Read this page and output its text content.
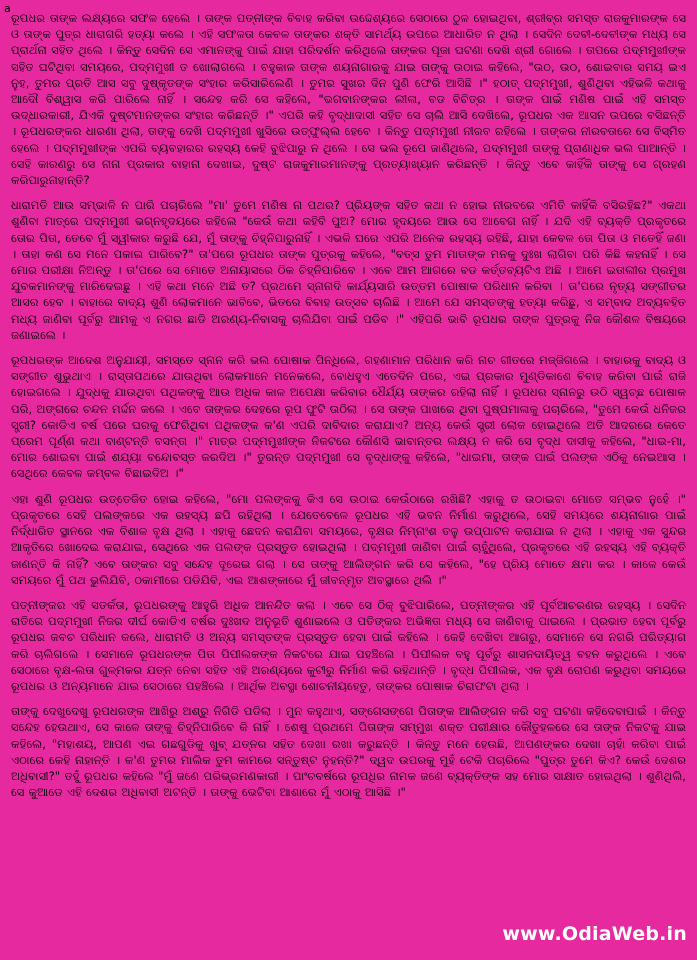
a

ରୂପଧର ତାଙ୍କ ଲକ୍ଷ୍ୟରେ ସଫଳ ହେଲେ । ତାଙ୍କ ପତ୍ନୀଙ୍କ ବିବାହ କରିବା ଉଦ୍ଦେଶ୍ୟରେ ସେଠାରେ ଠୁଳ ହୋଇଥିବା, ଶ୍ରୀବ୍ର ସମସ୍ତ ରାଜକୁମାରଙ୍କ ସେ ଓ ତାଙ୍କ ପୁତ୍ର ଧାରାଗରି ହତ୍ୟା କଲେ । ଏହି ସଫଳତା କେବଳ ତାଙ୍କର ଶକ୍ତି ସାମର୍ଥ୍ୟ ଉପରେ ଆଧାରିତ ନ ଥିଲା । ସେଦିନ ଦେବୀ-ଦେବୀଙ୍କ ମଧ୍ୟ ସେ ପ୍ରାର୍ଥନା ସହିତ ଥିଲେ । କିନ୍ତୁ ସେଦିନ ସେ ଏମାନଙ୍କୁ ପାଇଁ ଯାହା ପରିଦର୍ଶନ କରିଥିଲେ ତାଙ୍କର ପୂଜା ଘଟଣା ଦେଖି ଶ୍ରୀ ଗୋଲେ । ତାପରେ ପଦ୍ମମୁଖୀଙ୍କ ସହିତ ଘଟିଥିବା ସମୟରେ, ପଦ୍ମମୁଖୀ ତ ଖୋଲାଗଲେ । ବହୁକାଳ ତାଙ୍କ ଶୟନାଗାରକୁ ଯାଇ ତାଙ୍କୁ ଉଠାଇ କହିଲେ, "ଉଠ, ଉଠ, ଶୋଇବାର ସମୟ ଇଏ ନୁହ, ତୁମର ପ୍ରତି ଆସ ସବୁ ଦୁଷ୍କୃତଙ୍କ ସଂହାର କରିସାରିଲେଣି । ତୁମର ସୁଖର ଦିନ ପୁଣି ଫେରି ଆସିଛି ।" ହଠାତ୍ ପଦ୍ମମୁଖୀ, ଶୁଣିଥିବା ଏହିଭଳି କଥାକୁ ଆଦୌ ବିଶ୍ୱାସ କରି ପାରିଲେ ନାହିଁ । ସନ୍ଦେହ କରି ସେ କହିଲେ, "ଭଗବାନଙ୍କର ଲୀଳା, ବଡ ବିଚିତ୍ର । ତାଙ୍କ ପାଇଁ ମଣିଷ ପାଇଁ ଏହି ସମସ୍ତ ଉଦ୍ଧାରକାରୀ, ଯିଏକି ଦୁଷ୍ଟମାନଙ୍କର ସଂହାର କରିଛନ୍ତି ।" ଏପରି କହି ବୃଦ୍ଧାଦାସୀ ସହିତ ସେ ଚାଲି ଆସି ଦେଖିଲେ, ରୂପଧର ଏକ ଆସନ ଉପରେ ବସିଛନ୍ତି । ରୂପଧରଙ୍କର ଧାରଣା ଥିଲା, ତାଙ୍କୁ ଦେଖି ପଦ୍ମମୁଖୀ ଖୁସିରେ ଉତ୍ଫୁଲ୍ଲ ହେବେ । କିନ୍ତୁ ପଦ୍ମମୁଖୀ ନୀରବ ରହିଲେ । ତାଙ୍କର ନୀରବତାରେ ସେ ବିସ୍ମିତ ହେଲେ । ପଦ୍ମମୁଖୀଙ୍କ ଏପରି ବ୍ୟବହାରର ରହସ୍ୟ କେହି ବୁଝିପାରୁ ନ ଥିଲେ । ସେ ଭଲ ରୂପେ ଜାଣିଥିଲେ, ପଦ୍ମମୁଖୀ ତାଙ୍କୁ ପ୍ରାଣାଧିକ ଭଲ ପାଆନ୍ତି । ସେହି କାରଣରୁ ସେ ନାନା ପ୍ରକାର ବାହାନା ଦେଖାଇ, ଦୁଷ୍ଟ ରାଜକୁମାରମାନଙ୍କୁ ପ୍ରତ୍ୟାଖ୍ୟାନ କରିଛନ୍ତି । କିନ୍ତୁ ଏବେ କାହିଁକି ତାଙ୍କୁ ସେ ଗ୍ରହଣ କରିପାରୁନାହାନ୍ତି?

ଧାରାମତି ଆଉ ସମ୍ଭାଳି ନ ପାରି ପଚାରିଲେ "ମା' ତୁମେ ମଣିଷ ନା ପଥର? ପ୍ରିୟଙ୍କ ସହିତ କଥା ନ ହୋଇ ନୀରବରେ ଏମିତି କାହିଁକି ବସିରହିଛ?" ଏକଥା ଶୁଣିବା ମାତ୍ରେ ପଦ୍ମମୁଖୀ ଭଗ୍ନହୃଦୟରେ କହିଲେ "କେଉଁ କଥା କହିବି ପୁଅ? ମୋର ହୃଦୟରେ ଆଉ ସେ ଆବେଗ ନାହିଁ । ଯଦି ଏହି ବ୍ୟକ୍ତି ପ୍ରକୃତରେ ତୋର ପିତା, ତେବେ ମୁଁ ସ୍ୱୀକାର କରୁଛି ଯେ, ମୁଁ ତାଙ୍କୁ ଚିହ୍ନିପାରୁନାହିଁ । ଏଭଳି ଘରେ ଏପରି ଅନେକ ରହସ୍ୟ ରହିଛି, ଯାହା କେବଳ ତୋ ପିତା ଓ ମତେହିଁ ଜଣା । ତାହା କଣ ସେ ମନେ ପକାଇ ପାରିବେ?" ତା'ପରେ ରୂପଧର ତାଙ୍କ ପୁତ୍ରକୁ କହିଲେ, "ବତ୍ସ ତୁମ ମାତାଙ୍କ ମନକୁ ଦୁଃଖ ଲାଗିବା ପରି କିଛି କହନାହିଁ । ସେ ମୋର ପରୀକ୍ଷା ନିଅନ୍ତୁ । ତା'ପରେ ସେ ମୋତେ ଅନାୟାସରେ ଠିକ ଚିହ୍ନିପାରିବେ । ଏବେ ଆମ ଆଗରେ ବଡ କର୍ତ୍ତବ୍ୟଟିଏ ଅଛି । ଆମେ ଇତାଲୀର ପ୍ରମୁଖ ଯୁବକମାନଙ୍କୁ ମାରିଦେଇଛୁ । ଏହି କଥା ମନେ ଅଛି ତ? ପ୍ରଥମେ ସ୍ନାନାଦି କାର୍ଯ୍ୟସାରି ଉତ୍ତମ ପୋଷାକ ପରିଧାନ କରିବା । ତା'ପରେ ନୃତ୍ୟ ସଙ୍ଗୀତର ଆସର ହେବ । ବାହାରେ ବାଦ୍ୟ ଶୁଣି ଲୋକମାନେ ଭାବିବେ, ଭିତରେ ବିବାହ ଉତ୍ସବ ଚାଲିଛି । ଆମେ ଯେ ସମସ୍ତଙ୍କୁ ହତ୍ୟା କରିଛୁ, ଏ ସମ୍ବାଦ ଅବ୍ୟବହିତ ମଧ୍ୟ ଜାଣିବା ପୂର୍ବରୁ ଆମକୁ ଏ ନଗର ଛାଡି ଅରଣ୍ୟ-ନିବାସକୁ ଚାଲିଯିବା ପାଇଁ ପଡିବ ।" ଏହିପରି ଭାବି ରୂପଧର ତାଙ୍କ ପୁତ୍ରକୁ ନିଜ କୌଶଳ ବିଷୟରେ ଜଣାଇଲେ ।

ରୂପଧରଙ୍କ ଆଦେଶ ଅନୁଯାୟୀ, ସମସ୍ତେ ସ୍ନାନ କରି ଭଲ ପୋଷାକ ପିନ୍ଧିଲେ, ଗହଣାମାନ ପରିଧାନ କରି ନାଚ ଗୀତରେ ମଜ୍ଜିଗଲେ । ବାହାରକୁ ବାଦ୍ୟ ଓ ସଙ୍ଗୀତ ଶୁଭୁଥାଏ । ରାସ୍ତାପଥରେ ଯାଉଥିବା ଲୋକମାନେ ମନେକଲେ, ବୋଧହୁଏ ଏତେଦିନ ପରେ, ଏଇ ପ୍ରକାର ମୁଣ୍ଡିକାଶେ ବିବାହ କରିବା ପାଇଁ ରାଜି ହୋଇଗଲେ । ଯୁଦ୍ଧକୁ ଯାଉଥିବା ପଥିକଙ୍କୁ ଆଉ ଅଧିକ କାଳ ଅପେକ୍ଷା କରିବାର ଧୈର୍ଯ୍ୟ ତାଙ୍କର ରହିଲା ନାହିଁ । ରୂପଧର ସ୍ନାନରୁ ଉଠି ସ୍ୱଚ୍ଛ ପୋଷାକ ପରି, ଅଙ୍ଗରେ ଚନ୍ଦନ ମର୍ଦ୍ଦନ କଲେ । ଏବେ ତାଙ୍କର ଦେହରେ ରୂପ ଫୁଟି ଉଠିଲା । ସେ ତାଙ୍କ ପାଖରେ ଥିବା ପୁଷ୍ପମାଳାକୁ ପଚାରିଲେ, "ତୁମେ କେଉଁ ଧନିଜର ସ୍ତ୍ରୀ? କୋଡିଏ ବର୍ଷ ପରେ ଘରକୁ ଫେରିଥିବା ପଥିକଙ୍କ କ'ଣ ଏପରି ଦାବିଦାର କରାଯାଏ? ଅନ୍ୟ କେଉଁ ସ୍ତ୍ରୀ ଲୋକ ହୋଇଥିଲେ ଅତି ଆଦରରେ କେତେ ପ୍ରେମ ପୂର୍ଣ୍ଣ କଥା ବାଣ୍ଟନ୍ତି ବସନ୍ତା ।" ମାତ୍ର ପଦ୍ମମୁଖୀଙ୍କ ନିକଟରେ କୌଣସି ଭାବାନ୍ତର ଲକ୍ଷ୍ୟ ନ କରି ସେ ବୃଦ୍ଧ ଦାସୀକୁ କହିଲେ, "ଧାଇ-ମା, ମୋର ଶୋଇବା ପାଇଁ ଶଯ୍ୟା ବନ୍ଦୋବସ୍ତ କରଦିଅ ।" ତୁରନ୍ତ ପଦ୍ମମୁଖୀ ସେ ବୃଦ୍ଧାଙ୍କୁ କହିଲେ, "ଧାଇମା, ତାଙ୍କ ପାଇଁ ପଲଙ୍କ ଏଠିକୁ ନେଇଆସ । ସେଥିରେ କେବଳ କମ୍ବଳ ବିଛାଇଦିଅ ।"

ଏହା ଶୁଣି ରୂପଧର ଉତ୍ତେଜିତ ହୋଇ କହିଲେ, "ମୋ ପଲଙ୍କକୁ କିଏ ସେ ଉଠାଇ କେଉଁଠାରେ ରଖିଛି? ଏହାକୁ ତ ଉଠାଇବା ମୋତେ ସମ୍ଭବ ନୁହେଁ ।" ପ୍ରକୃତରେ ସେହି ପଲଙ୍କରେ ଏକ ରହସ୍ୟ ଛପି ରହିଥିଲା । ଯେତେବେଳେ ରୂପଧର ଏହି ଭବନ ନିର୍ମାଣ କରୁଥିଲେ, ସେହି ସମୟରେ ଶୟନାଗାର ପାଇଁ ନିର୍ଦ୍ଧାରିତ ସ୍ଥାନରେ ଏକ ବିଶାଳ ବୃକ୍ଷ ଥିଲା । ଏହାକୁ ଛେଦନ କରାଯିବା ସମୟରେ, ବୃକ୍ଷର ନିମ୍ନାଂଶ ତଳୁ ଉପ୍ପାଟନ କରାଯାଇ ନ ଥିଲା । ଏହାକୁ ଏକ ସୁନ୍ଦର ଆକୃତିରେ ଖୋଦେଇ କରାଯାଇ, ସେଥିରେ ଏକ ପଲଙ୍କ ପ୍ରସ୍ତୁତ ହୋଇଥିଲା । ପଦ୍ମମୁଖୀ ଜାଣିବା ପାଇଁ ଚାହୁଁଥିଲେ, ପ୍ରକୃତରେ ଏହି ରହସ୍ୟ ଏହି ବ୍ୟକ୍ତି ଜାଣନ୍ତି କି ନାହିଁ? ଏବେ ତାଙ୍କର ସବୁ ସନ୍ଦେହ ଦୂରେଇ ଗଲା । ସେ ତାଙ୍କୁ ଆଲିଙ୍ଗନ କରି ସେ କହିଲେ, "ହେ ପ୍ରିୟ ମୋତେ କ୍ଷମା କର । କାଳେ କେଉଁ ସମୟରେ ମୁଁ ପଥ ଭୁଲିଯିବି, ଠକାମୀରେ ପଡିଯିବି, ଏଇ ଆଶଙ୍କାରେ ମୁଁ ଜୀବନ୍ମୃତ ଅବସ୍ଥାରେ ଥିଲି ।"

ପତ୍ନୀଙ୍କର ଏହି ସତର୍କତା, ରୂପଧରଙ୍କୁ ଆହୁରି ଅଧିକ ଆନନ୍ଦିତ କଲା । ଏବେ ସେ ଠିକ୍ ବୁଝିପାରିଲେ, ପତ୍ନୀଙ୍କର ଏହି ପୂର୍ବଆଚରଣର ରହସ୍ୟ । ସେଦିନ ରାତିରେ ପଦ୍ମମୁଖୀ ନିଜର ଦୀର୍ଘ କୋଡିଏ ବର୍ଷର ଦୁଃଖଦ ଅନୁଭୂତି ଶୁଣାଇଲେ ଓ ପତିଙ୍କର ଅଭିଜ୍ଞତା ମଧ୍ୟ ସେ ଜାଣିବାକୁ ପାଇଲେ । ପ୍ରଭାତ ହେବା ପୂର୍ବରୁ ରୂପଧର କବଚ ପରିଧାନ କଲେ, ଧାରାମତି ଓ ଅନ୍ୟ ସମସ୍ତଙ୍କ ପ୍ରସ୍ତୁତ ହେବା ପାଇଁ କହିଲେ । କେହି ଦେଖିବା ଆଗରୁ, ସେମାନେ ସେ ନଗରି ପରିତ୍ୟାଗ କରି ଚାଲିଗଲେ । ସେମାନେ ରୂପଧରଙ୍କ ପିତା ପିପୀଲକଙ୍କ ନିକଟରେ ଯାଇ ପହଞ୍ଚିଲେ । ପିପୀଲକ ବହୁ ପୂର୍ବରୁ ଶାସନଦାୟିତ୍ୱ ବହନ କରୁଥିଲେ । ଏବେ ସେଠାରେ ବୃକ୍ଷ-ଲତା ଗୁଳ୍ମକର ଯତ୍ନ ନେବା ସହିତ ଏହି ଅରଣ୍ୟରେ କୁଟୀରୁ ନିର୍ମାଣ କରି ରହିଥାନ୍ତି । ବୃଦ୍ଧ ପିପୀଲକ, ଏକ ବୃକ୍ଷ ରୋପଣ କରୁଥିବା ସମୟରେ ରୂପଧର ଓ ଅନ୍ୟମାନେ ଯାଇ ସେଠାରେ ପହଞ୍ଚିଲେ । ଆର୍ଥିକ ଅବସ୍ଥା ଶୋଚନୀୟହେତୁ, ତାଙ୍କର ପୋଷାକ ଚିରାଫଟା ଥିଲା ।

ତାଙ୍କୁ ଦେଖୁଦେଖୁ ରୂପଧରଙ୍କ ଆଖିରୁ ଅଶ୍ରୁ ନିଗିଡି ପଡିଲା । ମୁନ କହୁଥାଏ, ସଙ୍ଗେସଙ୍ଗେ ପିତାଙ୍କ ଆଲିଙ୍ଗନ କରି ସବୁ ଘଟଣା କହିଦେବାପାଇଁ । କିନ୍ତୁ ସନ୍ଦେହ ହେଉଥାଏ, ସେ କାଳେ ତାଙ୍କୁ ଚିହ୍ନିପାରିବେ କି ନାହିଁ । ଶେଷୁ ପ୍ରଥମେ ପିତାଙ୍କ ସମ୍ମୁଖ ଶକ୍ତ ପରୀକ୍ଷାର କୌତୁହଳରେ ସେ ତାଙ୍କ ନିକଟକୁ ଯାଇ କହିଲେ, "ମହାଶୟ, ଆପଣ ଏଇ ଗଛଗୁଡିକୁ ଖୁବ୍ ଯତ୍ନର ସହିତ ଦେଖା ରଖା କରୁଛନ୍ତି । କିନ୍ତୁ ମନେ ହେଉଛି, ଆପଣଙ୍କର ଦେଖା ଚାହାଁ କରିବା ପାଇଁ ଏଠାରେ କେହି ନାହାନ୍ତି । କ'ଣ ତୁମର ମାଲିକ ତୁମ କାମରେ ସନ୍ତୁଷ୍ଟ ନୁହନ୍ତି?" ଦ୍ୱଦ ଉପରକୁ ମୁହଁ ଟେକି ପଚାରିଲେ "ପୁତ୍ର ତୁମେ କିଏ? କେଉଁ ଦେଶର ଅଧିବାସୀ?" ତହୁଁ ରୂପଧର କହିଲେ "ମୁଁ ଜଣେ ପରିଭ୍ରମଣକାରୀ । ପାଂଚବର୍ଷରେ ରୂପଧିର ନାମକ ଜଣେ ବ୍ୟକ୍ତିଙ୍କ ସହ ମୋର ସାକ୍ଷାତ ହୋଇଥିଲା । ଶୁଣିଥିଲି, ସେ କୁଆଡେ ଏହି ଦେଶର ଅଧିବାସୀ ଅଟନ୍ତି । ତାଙ୍କୁ ଭେଟିବା ଆଶାରେ ମୁଁ ଏଠାକୁ ଆସିଛି ।"

www.OdiaWeb.in
